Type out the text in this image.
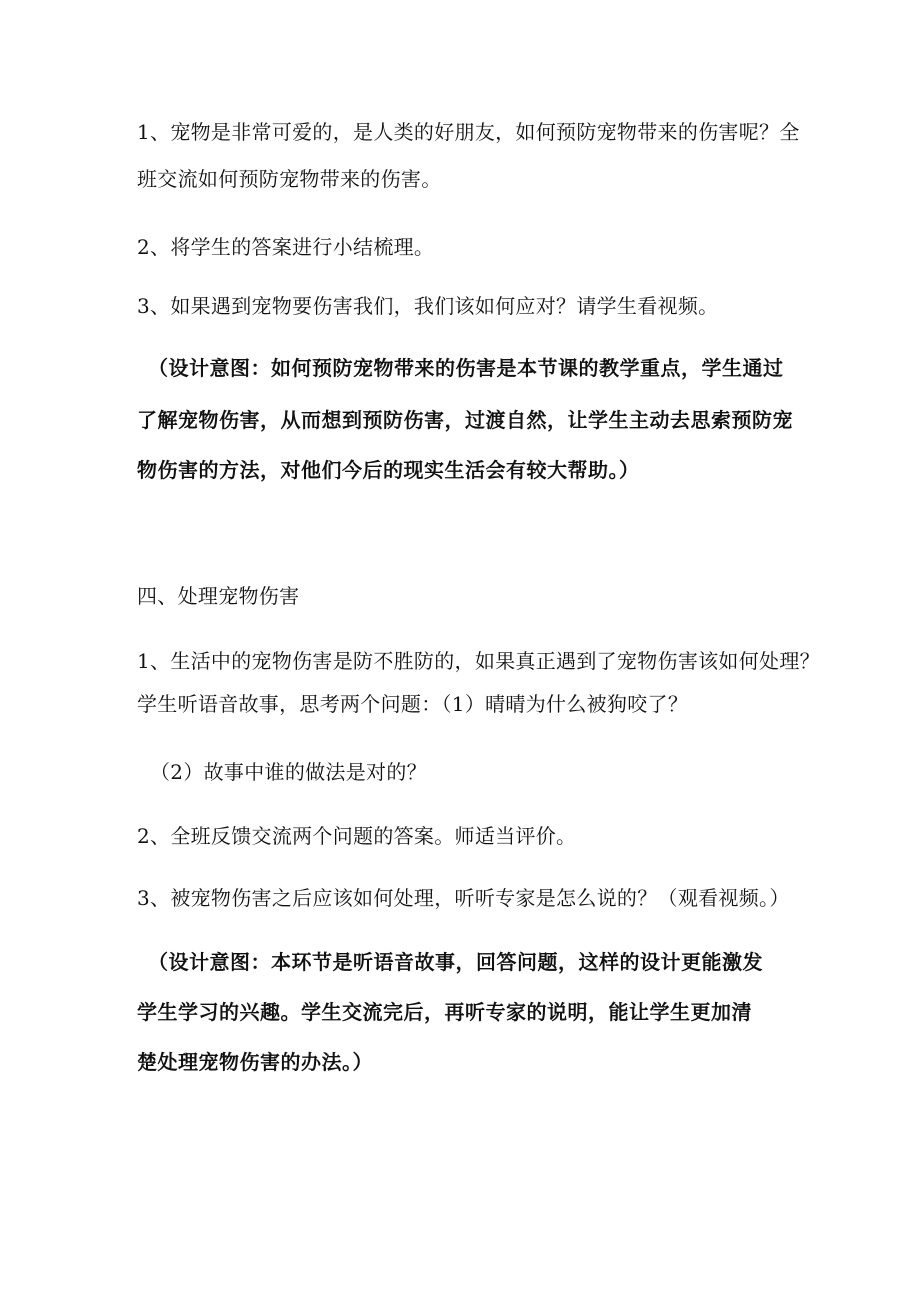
1、宠物是非常可爱的，是人类的好朋友，如何预防宠物带来的伤害呢？全
班交流如何预防宠物带来的伤害。
2、将学生的答案进行小结梳理。
3、如果遇到宠物要伤害我们，我们该如何应对？请学生看视频。
（设计意图：如何预防宠物带来的伤害是本节课的教学重点，学生通过
了解宠物伤害，从而想到预防伤害，过渡自然，让学生主动去思索预防宠
物伤害的方法，对他们今后的现实生活会有较大帮助。）
四、处理宠物伤害
1、生活中的宠物伤害是防不胜防的，如果真正遇到了宠物伤害该如何处理？
学生听语音故事，思考两个问题：（1）晴晴为什么被狗咬了？
（2）故事中谁的做法是对的？
2、全班反馈交流两个问题的答案。师适当评价。
3、被宠物伤害之后应该如何处理，听听专家是怎么说的？（观看视频。）
（设计意图：本环节是听语音故事，回答问题，这样的设计更能激发
学生学习的兴趣。学生交流完后，再听专家的说明，能让学生更加清
楚处理宠物伤害的办法。）
